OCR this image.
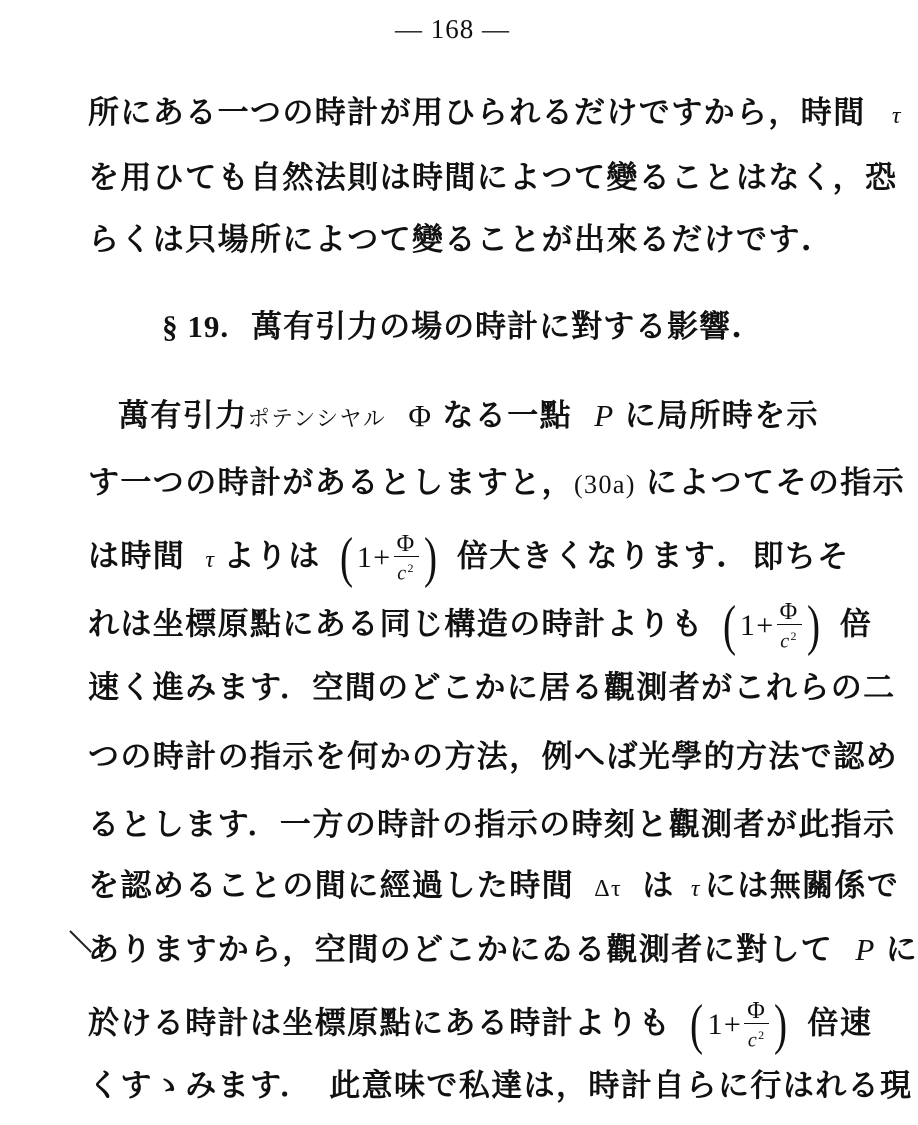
— 168 —
所にある一つの時計が用ひられるだけですから，時間 τ
を用ひても自然法則は時間によつて變ることはなく，恐
らくは只場所によつて變ることが出來るだけです.
§ 19. 萬有引力の場の時計に對する影響.
萬有引力ポテンシヤル Φ なる一點 P に局所時を示
す一つの時計があるとしますと，(30a) によつてその指示
は時間 τ よりは ( $1+ \frac{\Phi}{c^2}$ ) 倍大きくなります. 即ちそ
れは坐標原點にある同じ構造の時計よりも ( $1+ \frac{\Phi}{c^2}$ ) 倍
速く進みます．空間のどこかに居る觀測者がこれらの二
つの時計の指示を何かの方法，例へば光學的方法で認め
るとします．一方の時計の指示の時刻と觀測者が此指示
を認めることの間に經過した時間 Δτ は τ には無關係で
ありますから，空間のどこかにゐる觀測者に對して P に
於ける時計は坐標原點にある時計よりも ( $1+ \frac{\Phi}{c^2}$ ) 倍速
くすゝみます．　此意味で私達は，時計自らに行はれる現
